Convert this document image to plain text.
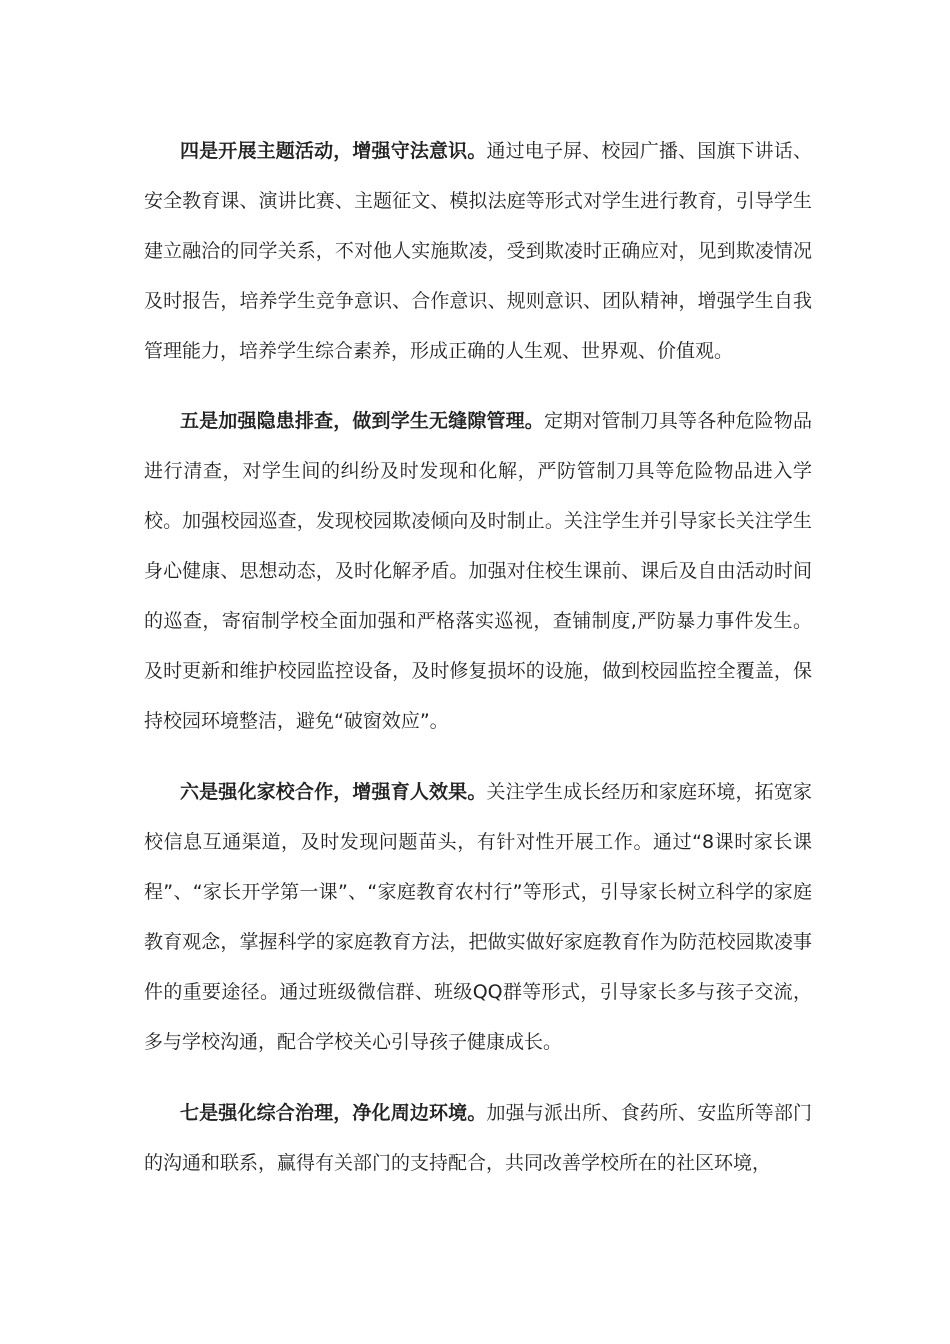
四是开展主题活动，增强守法意识。通过电子屏、校园广播、国旗下讲话、安全教育课、演讲比赛、主题征文、模拟法庭等形式对学生进行教育，引导学生建立融洽的同学关系，不对他人实施欺凌，受到欺凌时正确应对，见到欺凌情况及时报告，培养学生竞争意识、合作意识、规则意识、团队精神，增强学生自我管理能力，培养学生综合素养，形成正确的人生观、世界观、价值观。

五是加强隐患排查，做到学生无缝隙管理。定期对管制刀具等各种危险物品进行清查，对学生间的纠纷及时发现和化解，严防管制刀具等危险物品进入学校。加强校园巡查，发现校园欺凌倾向及时制止。关注学生并引导家长关注学生身心健康、思想动态，及时化解矛盾。加强对住校生课前、课后及自由活动时间的巡查，寄宿制学校全面加强和严格落实巡视，查铺制度,严防暴力事件发生。及时更新和维护校园监控设备，及时修复损坏的设施，做到校园监控全覆盖，保持校园环境整洁，避免“破窗效应”。

六是强化家校合作，增强育人效果。关注学生成长经历和家庭环境，拓宽家校信息互通渠道，及时发现问题苗头，有针对性开展工作。通过“8课时家长课程”、“家长开学第一课”、“家庭教育农村行”等形式，引导家长树立科学的家庭教育观念，掌握科学的家庭教育方法，把做实做好家庭教育作为防范校园欺凌事件的重要途径。通过班级微信群、班级QQ群等形式，引导家长多与孩子交流，多与学校沟通，配合学校关心引导孩子健康成长。

七是强化综合治理，净化周边环境。加强与派出所、食药所、安监所等部门的沟通和联系，赢得有关部门的支持配合，共同改善学校所在的社区环境，
